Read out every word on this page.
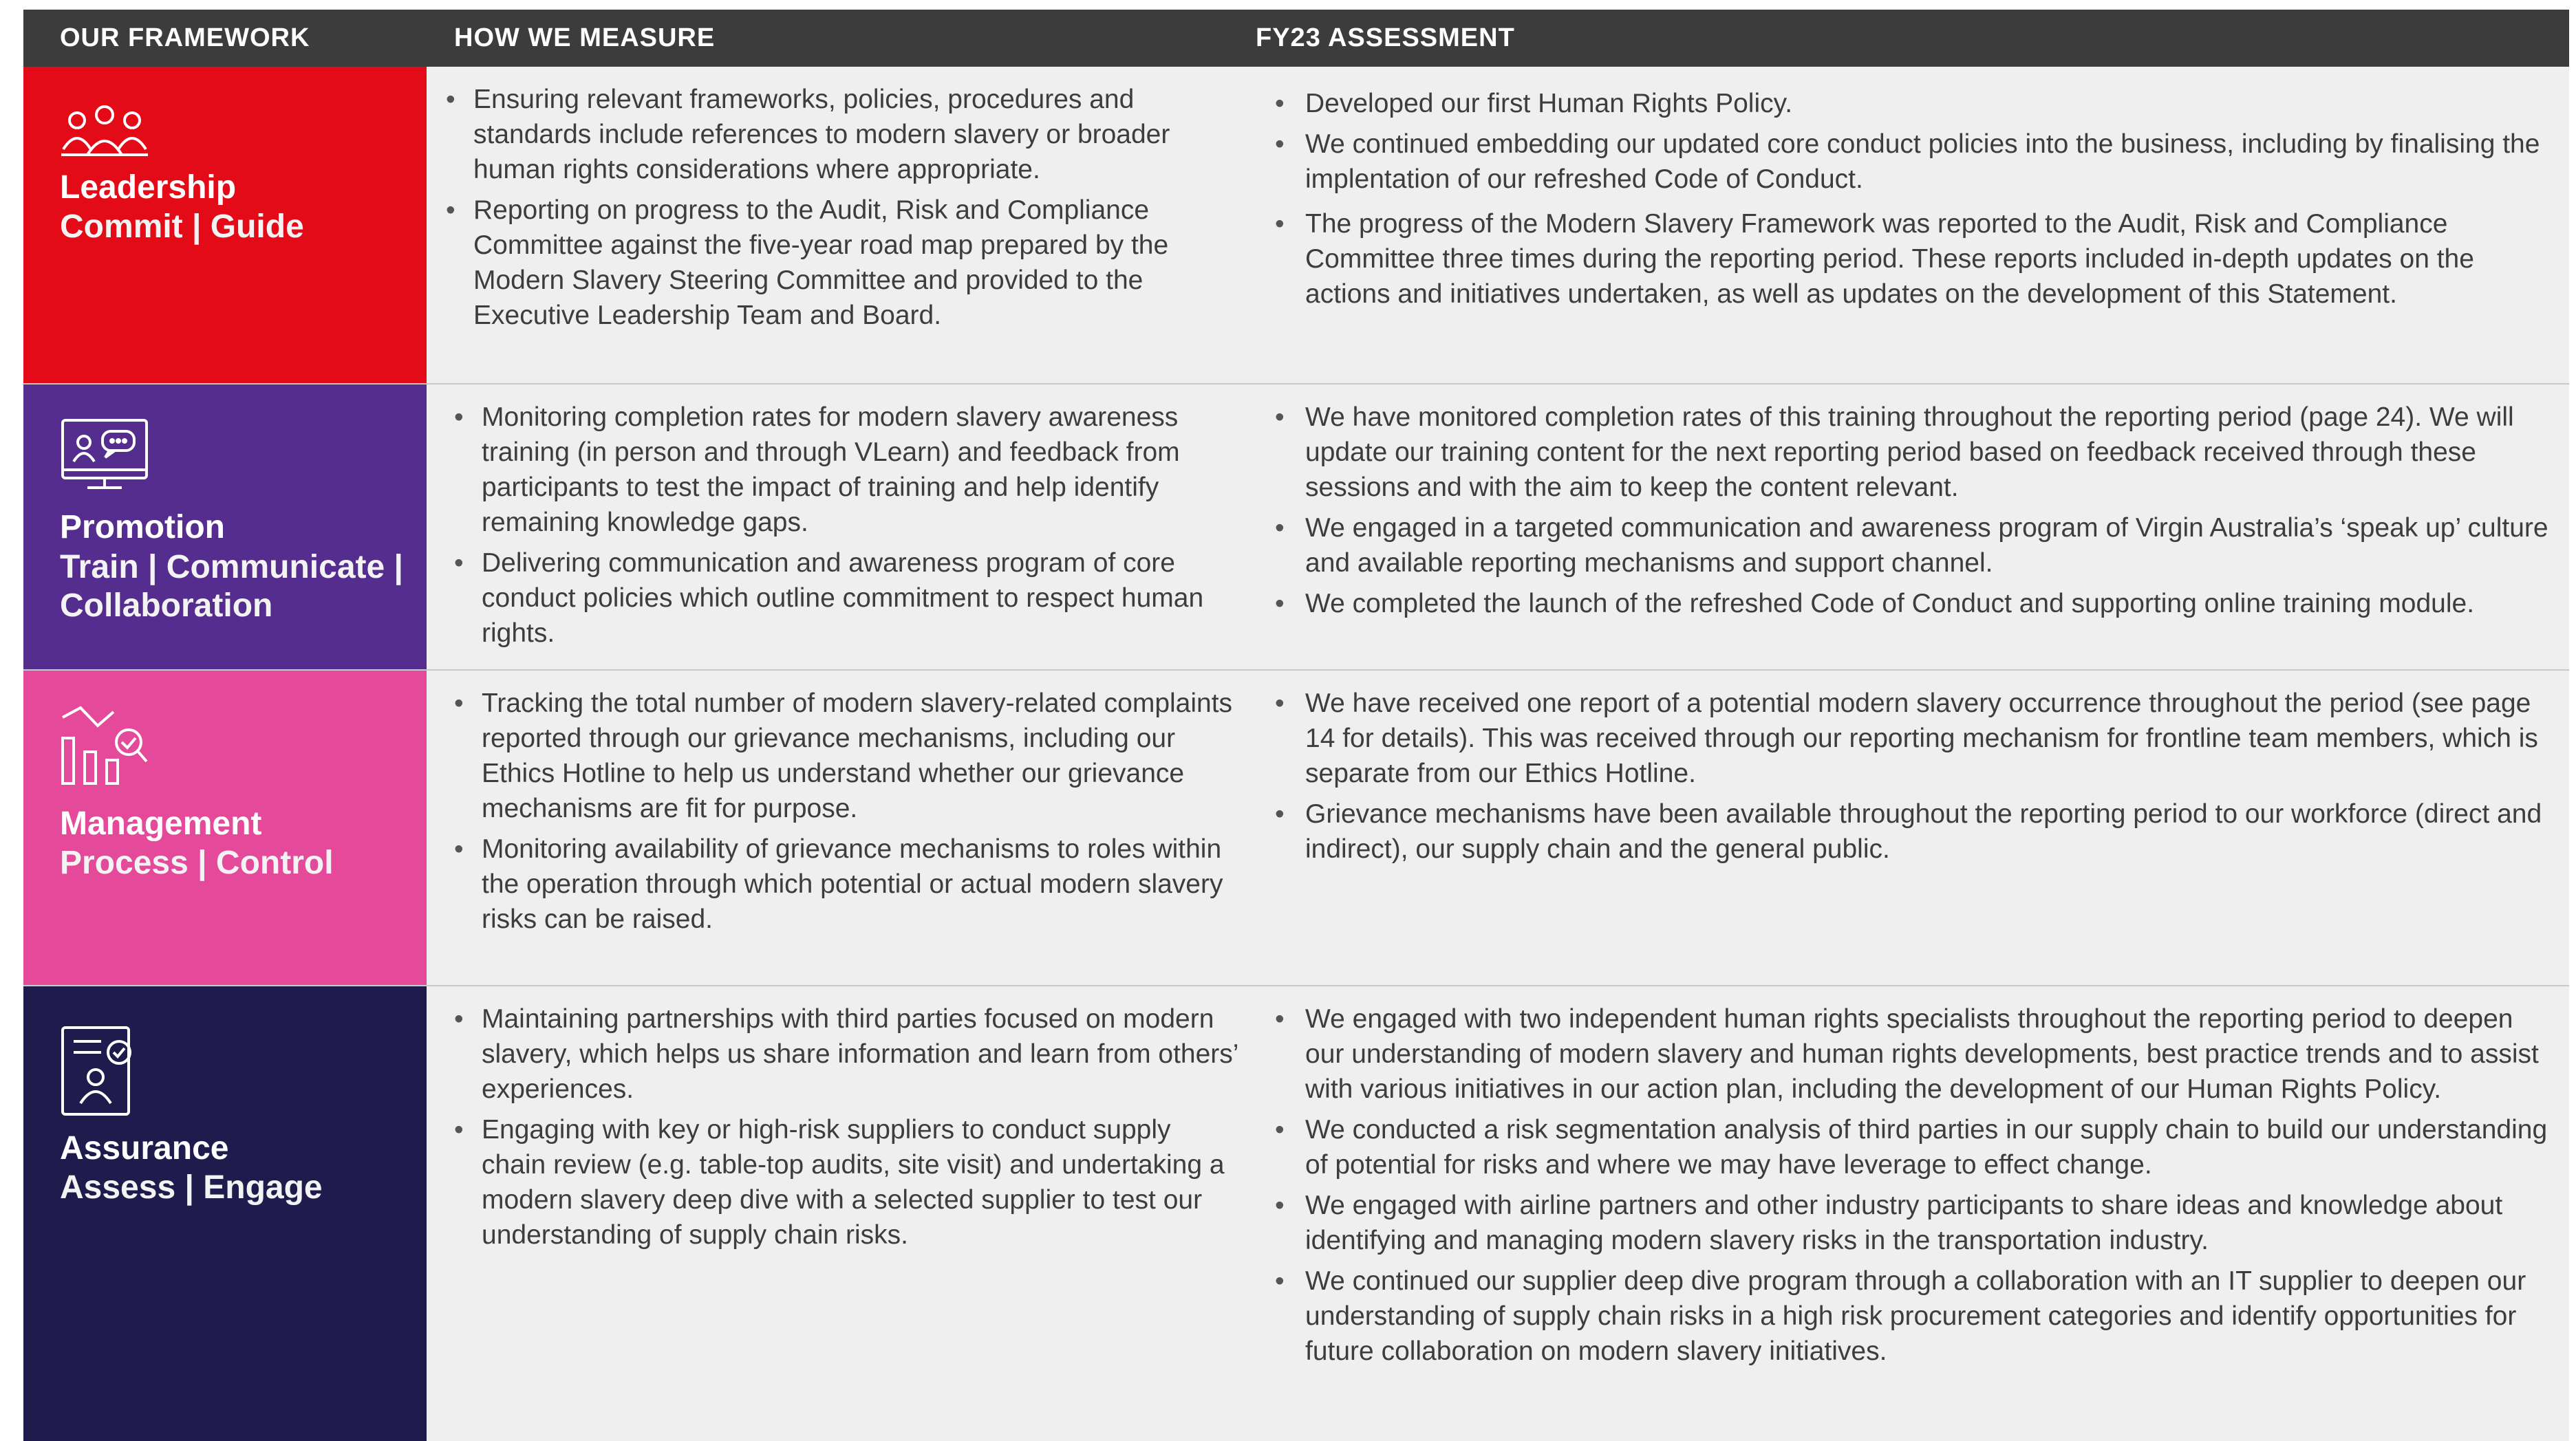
OUR FRAMEWORK	HOW WE MEASURE	FY23 ASSESSMENT
Leadership
Commit | Guide
• Ensuring relevant frameworks, policies, procedures and standards include references to modern slavery or broader human rights considerations where appropriate.
• Reporting on progress to the Audit, Risk and Compliance Committee against the five-year road map prepared by the Modern Slavery Steering Committee and provided to the Executive Leadership Team and Board.
• Developed our first Human Rights Policy.
• We continued embedding our updated core conduct policies into the business, including by finalising the implentation of our refreshed Code of Conduct.
• The progress of the Modern Slavery Framework was reported to the Audit, Risk and Compliance Committee three times during the reporting period. These reports included in-depth updates on the actions and initiatives undertaken, as well as updates on the development of this Statement.
Promotion
Train | Communicate | Collaboration
• Monitoring completion rates for modern slavery awareness training (in person and through VLearn) and feedback from participants to test the impact of training and help identify remaining knowledge gaps.
• Delivering communication and awareness program of core conduct policies which outline commitment to respect human rights.
• We have monitored completion rates of this training throughout the reporting period (page 24). We will update our training content for the next reporting period based on feedback received through these sessions and with the aim to keep the content relevant.
• We engaged in a targeted communication and awareness program of Virgin Australia’s ‘speak up’ culture and available reporting mechanisms and support channel.
• We completed the launch of the refreshed Code of Conduct and supporting online training module.
Management
Process | Control
• Tracking the total number of modern slavery-related complaints reported through our grievance mechanisms, including our Ethics Hotline to help us understand whether our grievance mechanisms are fit for purpose.
• Monitoring availability of grievance mechanisms to roles within the operation through which potential or actual modern slavery risks can be raised.
• We have received one report of a potential modern slavery occurrence throughout the period (see page 14 for details). This was received through our reporting mechanism for frontline team members, which is separate from our Ethics Hotline.
• Grievance mechanisms have been available throughout the reporting period to our workforce (direct and indirect), our supply chain and the general public.
Assurance
Assess | Engage
• Maintaining partnerships with third parties focused on modern slavery, which helps us share information and learn from others’ experiences.
• Engaging with key or high-risk suppliers to conduct supply chain review (e.g. table-top audits, site visit) and undertaking a modern slavery deep dive with a selected supplier to test our understanding of supply chain risks.
• We engaged with two independent human rights specialists throughout the reporting period to deepen our understanding of modern slavery and human rights developments, best practice trends and to assist with various initiatives in our action plan, including the development of our Human Rights Policy.
• We conducted a risk segmentation analysis of third parties in our supply chain to build our understanding of potential for risks and where we may have leverage to effect change.
• We engaged with airline partners and other industry participants to share ideas and knowledge about identifying and managing modern slavery risks in the transportation industry.
• We continued our supplier deep dive program through a collaboration with an IT supplier to deepen our understanding of supply chain risks in a high risk procurement categories and identify opportunities for future collaboration on modern slavery initiatives.
